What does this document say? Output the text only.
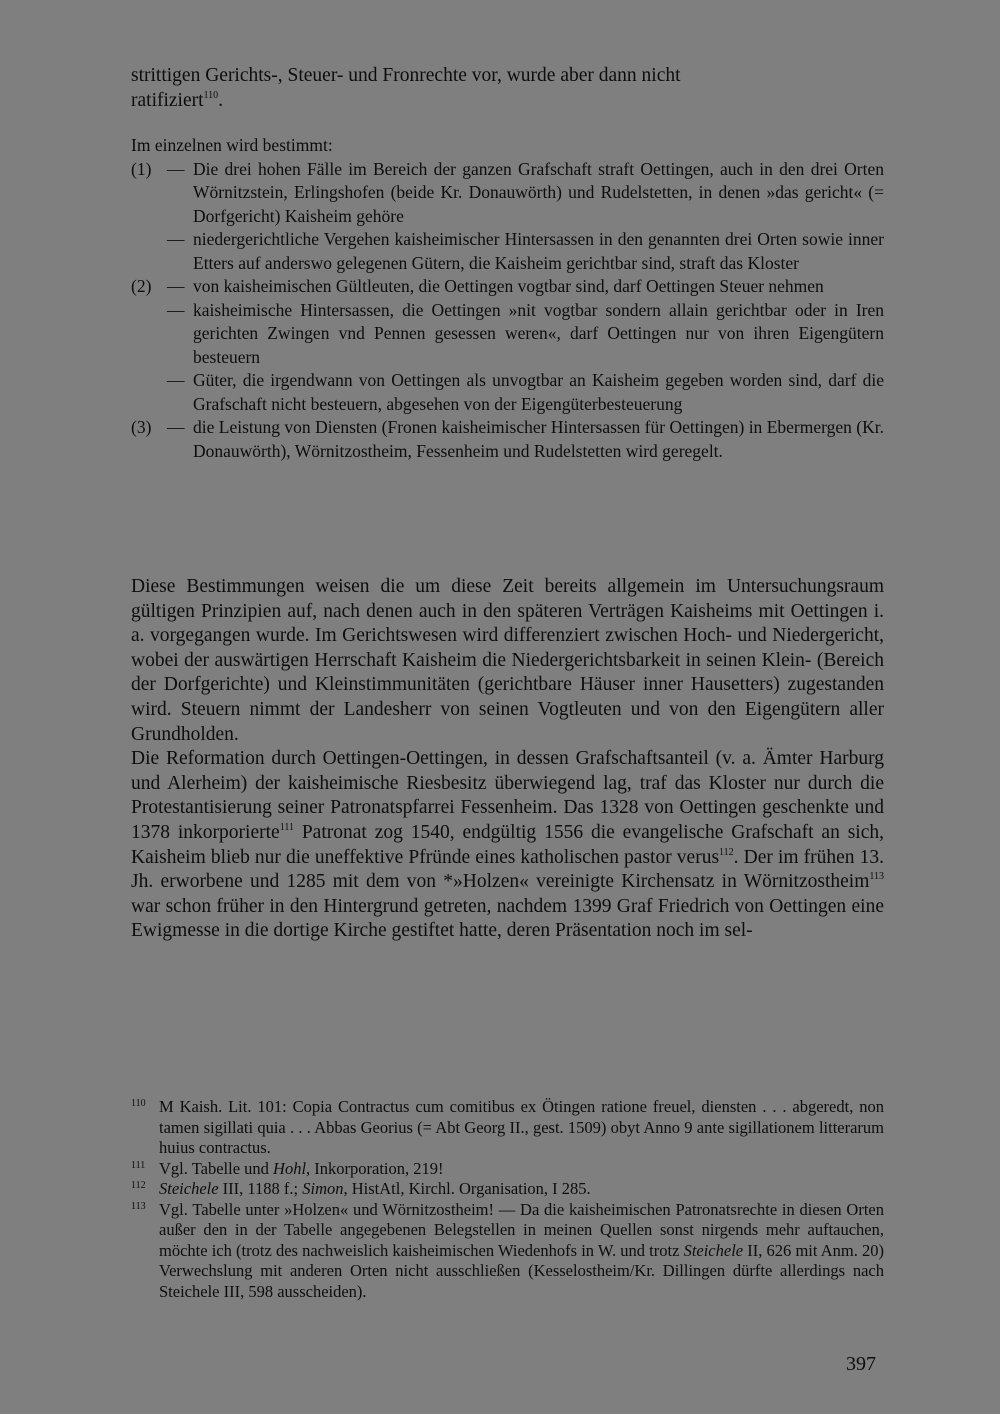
strittigen Gerichts-, Steuer- und Fronrechte vor, wurde aber dann nicht
ratifiziert$^{110}$.
Im einzelnen wird bestimmt:
(1) — Die drei hohen Fälle im Bereich der ganzen Grafschaft straft Oettingen, auch in den drei Orten Wörnitzstein, Erlingshofen (beide Kr. Donauwörth) und Rudelstetten, in denen »das gericht« (= Dorfgericht) Kaisheim gehöre
— niedergerichtliche Vergehen kaisheimischer Hintersassen in den genannten drei Orten sowie inner Etters auf anderswo gelegenen Gütern, die Kaisheim gerichtbar sind, straft das Kloster
(2) — von kaisheimischen Gültleuten, die Oettingen vogtbar sind, darf Oettingen Steuer nehmen
— kaisheimische Hintersassen, die Oettingen »nit vogtbar sondern allain gerichtbar oder in Iren gerichten Zwingen vnd Pennen gesessen weren«, darf Oettingen nur von ihren Eigengütern besteuern
— Güter, die irgendwann von Oettingen als unvogtbar an Kaisheim gegeben worden sind, darf die Grafschaft nicht besteuern, abgesehen von der Eigengüterbesteuerung
(3) — die Leistung von Diensten (Fronen kaisheimischer Hintersassen für Oettingen) in Ebermergen (Kr. Donauwörth), Wörnitzostheim, Fessenheim und Rudelstetten wird geregelt.

Diese Bestimmungen weisen die um diese Zeit bereits allgemein im Untersuchungsraum gültigen Prinzipien auf, nach denen auch in den späteren Verträgen Kaisheims mit Oettingen i. a. vorgegangen wurde. Im Gerichtswesen wird differenziert zwischen Hoch- und Niedergericht, wobei der auswärtigen Herrschaft Kaisheim die Niedergerichtsbarkeit in seinen Klein- (Bereich der Dorfgerichte) und Kleinstimmunitäten (gerichtbare Häuser inner Hausetters) zugestanden wird. Steuern nimmt der Landesherr von seinen Vogtleuten und von den Eigengütern aller Grundholden.

Die Reformation durch Oettingen-Oettingen, in dessen Grafschaftsanteil (v. a. Ämter Harburg und Alerheim) der kaisheimische Riesbesitz überwiegend lag, traf das Kloster nur durch die Protestantisierung seiner Patronatspfarrei Fessenheim. Das 1328 von Oettingen geschenkte und 1378 inkorporierte$^{111}$ Patronat zog 1540, endgültig 1556 die evangelische Grafschaft an sich, Kaisheim blieb nur die uneffektive Pfründe eines katholischen pastor verus$^{112}$. Der im frühen 13. Jh. erworbene und 1285 mit dem von *»Holzen« vereinigte Kirchensatz in Wörnitzostheim$^{113}$ war schon früher in den Hintergrund getreten, nachdem 1399 Graf Friedrich von Oettingen eine Ewigmesse in die dortige Kirche gestiftet hatte, deren Präsentation noch im sel-

110 M Kaish. Lit. 101: Copia Contractus cum comitibus ex Ötingen ratione freuel, diensten . . . abgeredt, non tamen sigillati quia . . . Abbas Georius (= Abt Georg II., gest. 1509) obyt Anno 9 ante sigillationem litterarum huius contractus.
111 Vgl. Tabelle und Hohl, Inkorporation, 219!
112 Steichele III, 1188 f.; Simon, HistAtl, Kirchl. Organisation, I 285.
113 Vgl. Tabelle unter »Holzen« und Wörnitzostheim! — Da die kaisheimischen Patronatsrechte in diesen Orten außer den in der Tabelle angegebenen Belegstellen in meinen Quellen sonst nirgends mehr auftauchen, möchte ich (trotz des nachweislich kaisheimischen Wiedenhofs in W. und trotz Steichele II, 626 mit Anm. 20) Verwechslung mit anderen Orten nicht ausschließen (Kesselostheim/Kr. Dillingen dürfte allerdings nach Steichele III, 598 ausscheiden).
397
